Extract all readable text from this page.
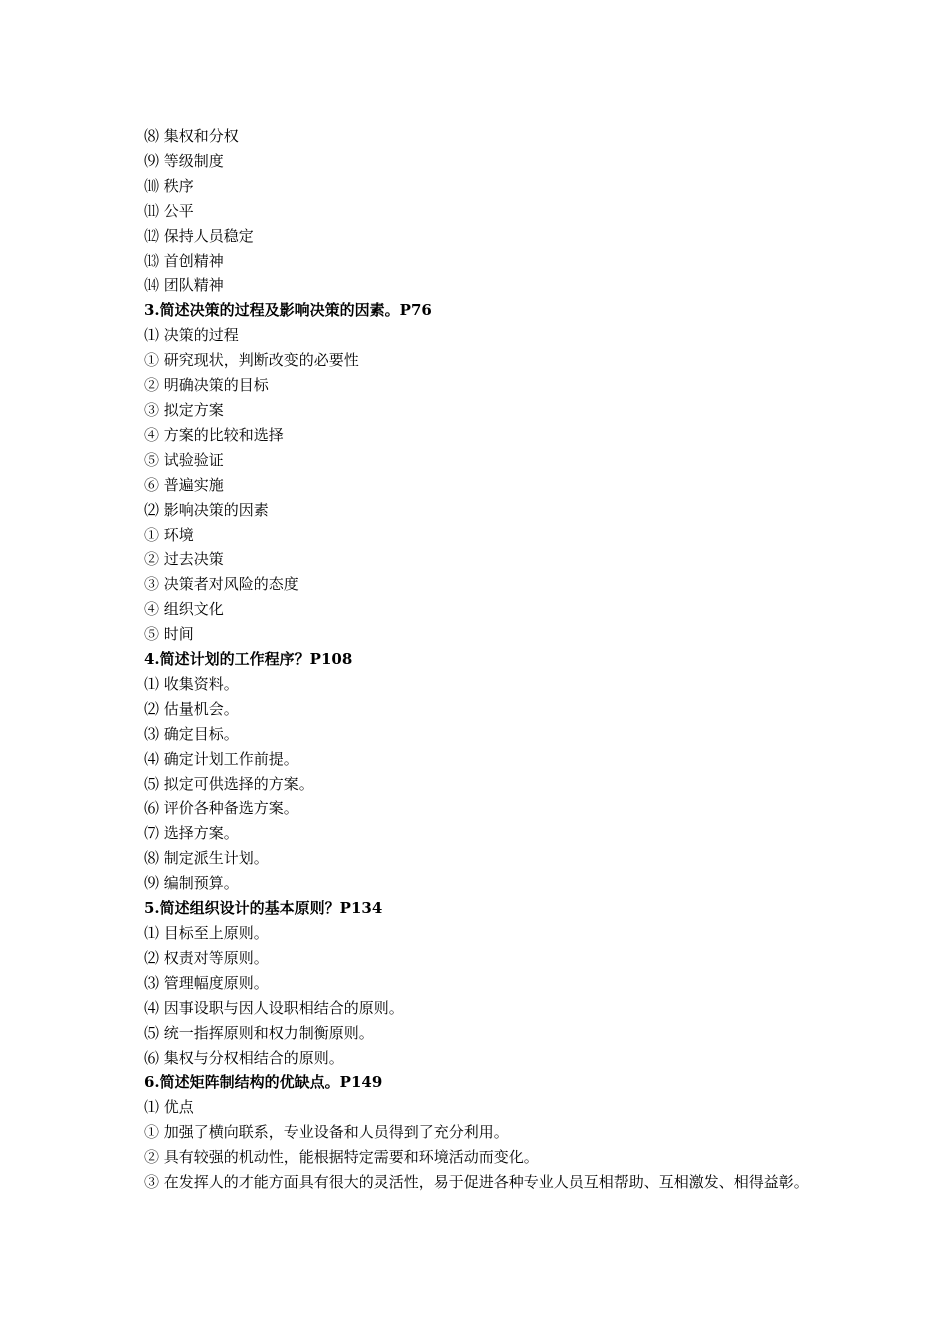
⑻ 集权和分权
⑼ 等级制度
⑽ 秩序
⑾ 公平
⑿ 保持人员稳定
⒀ 首创精神
⒁ 团队精神
3.简述决策的过程及影响决策的因素。P76
⑴ 决策的过程
① 研究现状，判断改变的必要性
② 明确决策的目标
③ 拟定方案
④ 方案的比较和选择
⑤ 试验验证
⑥ 普遍实施
⑵ 影响决策的因素
① 环境
② 过去决策
③ 决策者对风险的态度
④ 组织文化
⑤ 时间
4.简述计划的工作程序？P108
⑴ 收集资料。
⑵ 估量机会。
⑶ 确定目标。
⑷ 确定计划工作前提。
⑸ 拟定可供选择的方案。
⑹ 评价各种备选方案。
⑺ 选择方案。
⑻ 制定派生计划。
⑼ 编制预算。
5.简述组织设计的基本原则？P134
⑴ 目标至上原则。
⑵ 权责对等原则。
⑶ 管理幅度原则。
⑷ 因事设职与因人设职相结合的原则。
⑸ 统一指挥原则和权力制衡原则。
⑹ 集权与分权相结合的原则。
6.简述矩阵制结构的优缺点。P149
⑴ 优点
① 加强了横向联系，专业设备和人员得到了充分利用。
② 具有较强的机动性，能根据特定需要和环境活动而变化。
③ 在发挥人的才能方面具有很大的灵活性，易于促进各种专业人员互相帮助、互相激发、相得益彰。
